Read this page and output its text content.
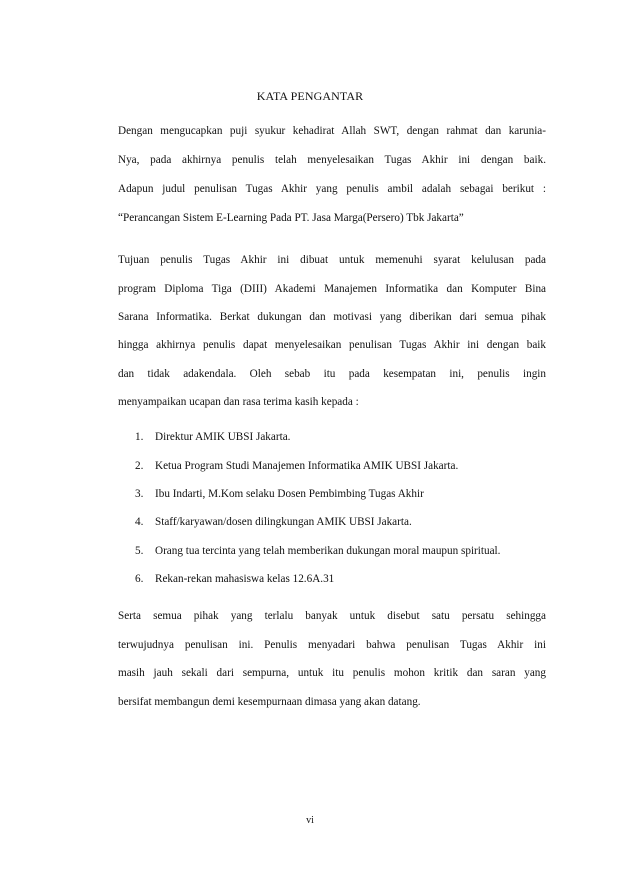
KATA PENGANTAR
Dengan mengucapkan puji syukur kehadirat Allah SWT, dengan rahmat dan karunia-
Nya, pada akhirnya penulis telah menyelesaikan Tugas Akhir ini dengan baik.
Adapun judul penulisan Tugas Akhir yang penulis ambil adalah sebagai berikut :
“Perancangan Sistem E-Learning Pada PT. Jasa Marga(Persero) Tbk Jakarta”
Tujuan penulis Tugas Akhir ini dibuat untuk memenuhi syarat kelulusan pada
program Diploma Tiga (DIII) Akademi Manajemen Informatika dan Komputer Bina
Sarana Informatika. Berkat dukungan dan motivasi yang diberikan dari semua pihak
hingga akhirnya penulis dapat menyelesaikan penulisan Tugas Akhir ini dengan baik
dan tidak adakendala. Oleh sebab itu pada kesempatan ini, penulis ingin
menyampaikan ucapan dan rasa terima kasih kepada :
1. Direktur AMIK UBSI Jakarta.
2. Ketua Program Studi Manajemen Informatika AMIK UBSI Jakarta.
3. Ibu Indarti, M.Kom selaku Dosen Pembimbing Tugas Akhir
4. Staff/karyawan/dosen dilingkungan AMIK UBSI Jakarta.
5. Orang tua tercinta yang telah memberikan dukungan moral maupun spiritual.
6. Rekan-rekan mahasiswa kelas 12.6A.31
Serta semua pihak yang terlalu banyak untuk disebut satu persatu sehingga
terwujudnya penulisan ini. Penulis menyadari bahwa penulisan Tugas Akhir ini
masih jauh sekali dari sempurna, untuk itu penulis mohon kritik dan saran yang
bersifat membangun demi kesempurnaan dimasa yang akan datang.
vi
